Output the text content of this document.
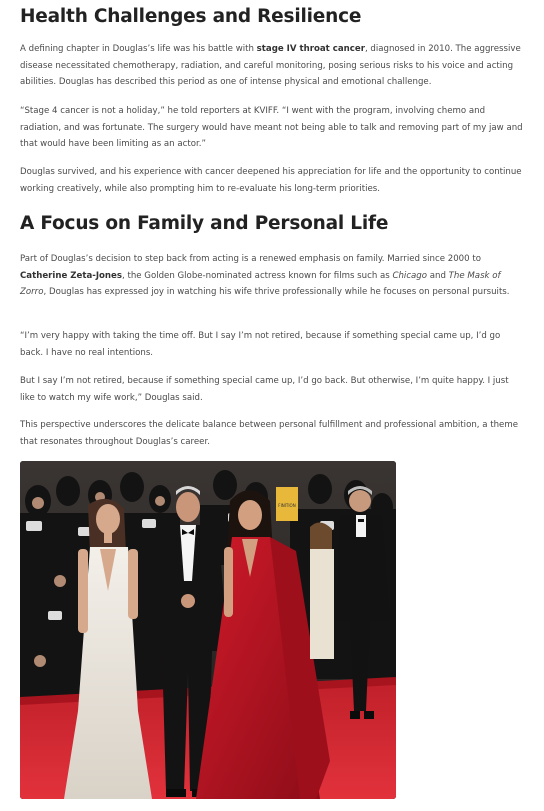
Health Challenges and Resilience

A defining chapter in Douglas’s life was his battle with stage IV throat cancer, diagnosed in 2010. The aggressive disease necessitated chemotherapy, radiation, and careful monitoring, posing serious risks to his voice and acting abilities. Douglas has described this period as one of intense physical and emotional challenge.

“Stage 4 cancer is not a holiday,” he told reporters at KVIFF. “I went with the program, involving chemo and radiation, and was fortunate. The surgery would have meant not being able to talk and removing part of my jaw and that would have been limiting as an actor.”

Douglas survived, and his experience with cancer deepened his appreciation for life and the opportunity to continue working creatively, while also prompting him to re-evaluate his long-term priorities.

A Focus on Family and Personal Life

Part of Douglas’s decision to step back from acting is a renewed emphasis on family. Married since 2000 to Catherine Zeta-Jones, the Golden Globe-nominated actress known for films such as Chicago and The Mask of Zorro, Douglas has expressed joy in watching his wife thrive professionally while he focuses on personal pursuits.

“I’m very happy with taking the time off. But I say I’m not retired, because if something special came up, I’d go back. I have no real intentions.

But I say I’m not retired, because if something special came up, I’d go back. But otherwise, I’m quite happy. I just like to watch my wife work,” Douglas said.

This perspective underscores the delicate balance between personal fulfillment and professional ambition, a theme that resonates throughout Douglas’s career.

FINITION
